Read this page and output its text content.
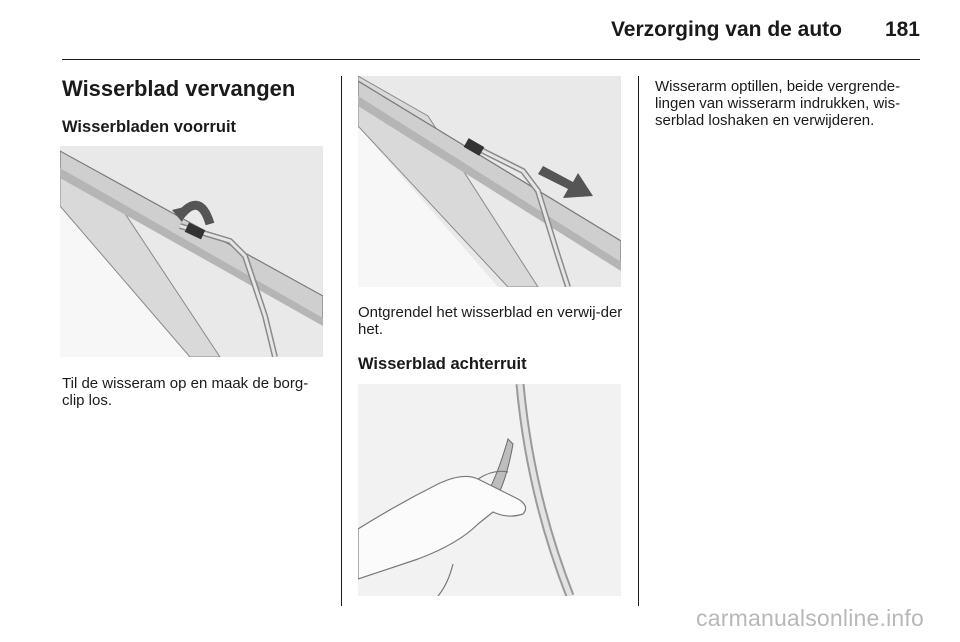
Verzorging van de auto 181
Wisserblad vervangen
Wisserbladen voorruit
Til de wisseram op en maak de borg-clip los.
Ontgrendel het wisserblad en verwij-der het.
Wisserblad achterruit
Wisserarm optillen, beide vergrende-lingen van wisserarm indrukken, wis-serblad loshaken en verwijderen.
carmanualsonline.info
